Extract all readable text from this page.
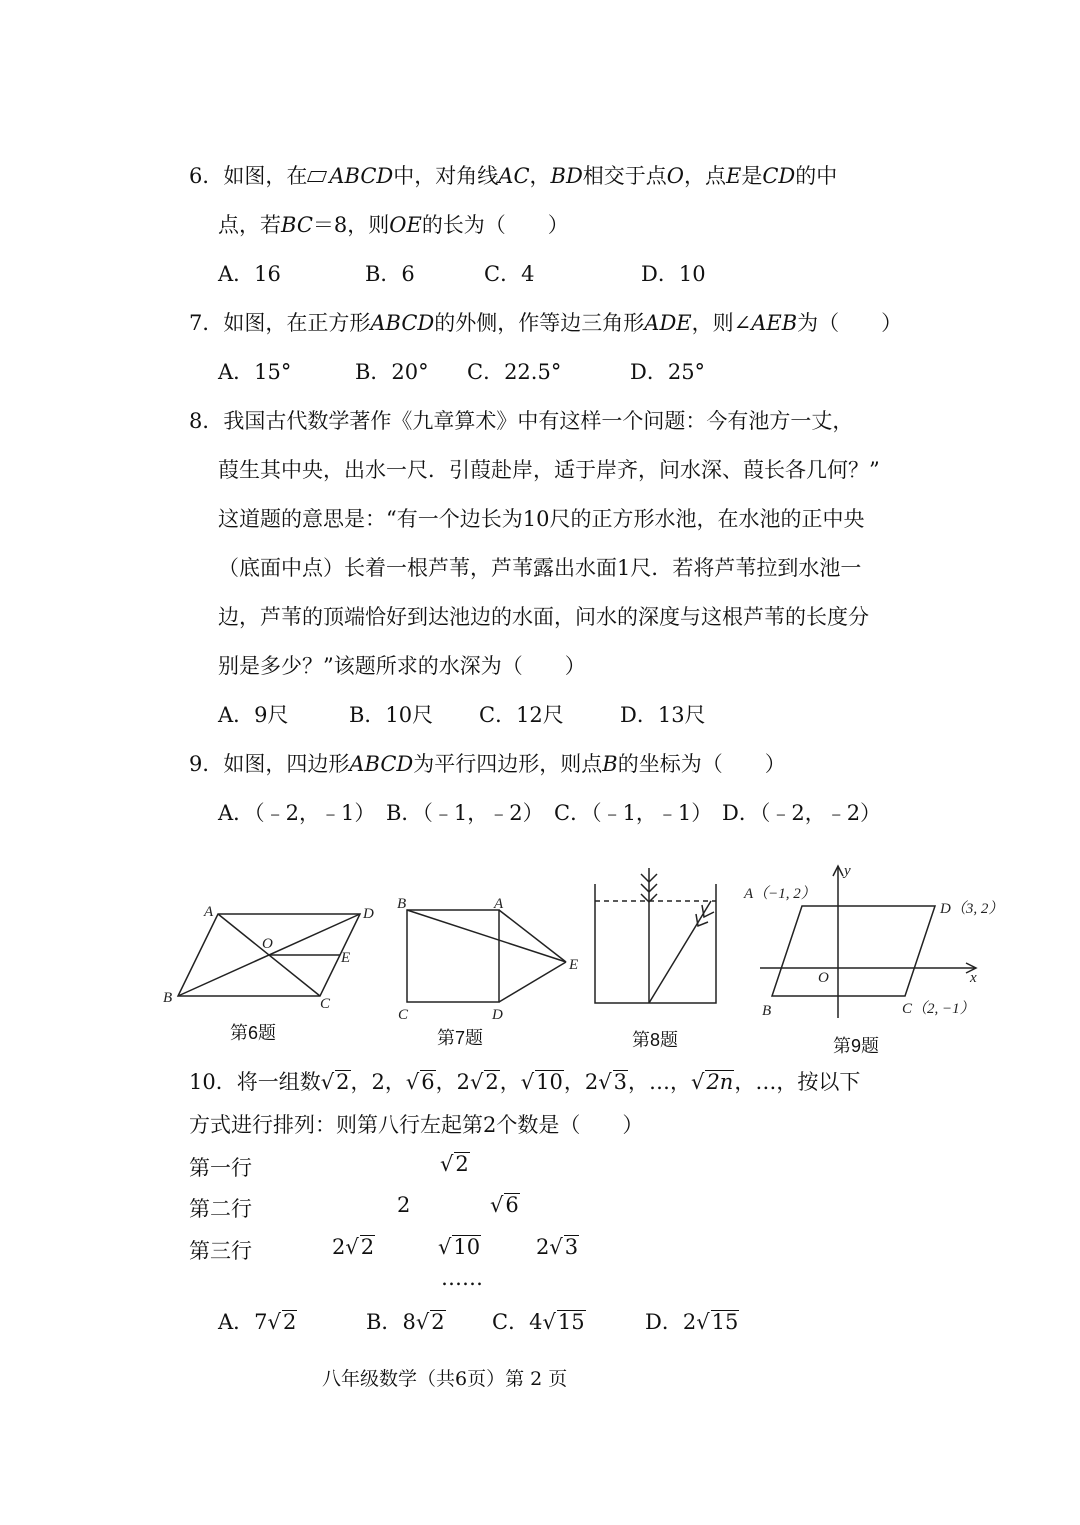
6．如图，在 ABCD中，对角线AC，BD相交于点O，点E是CD的中
点，若BC＝8，则OE的长为（　　）
A．16	B．6	C．4	D．10
7．如图，在正方形ABCD的外侧，作等边三角形ADE，则∠AEB为（　　）
A．15°	B．20° C．22.5°	D．25°
8．我国古代数学著作《九章算术》中有这样一个问题：今有池方一丈，
葭生其中央，出水一尺．引葭赴岸，适于岸齐，问水深、葭长各几何？”
这道题的意思是：“有一个边长为10尺的正方形水池，在水池的正中央
（底面中点）长着一根芦苇，芦苇露出水面1尺．若将芦苇拉到水池一
边，芦苇的顶端恰好到达池边的水面，问水的深度与这根芦苇的长度分
别是多少？”该题所求的水深为（　　）
A．9尺	B．10尺 C．12尺	D．13尺
9．如图，四边形ABCD为平行四边形，则点B的坐标为（　　）
A．（﹣2，﹣1） B．（﹣1，﹣2） C．（﹣1，﹣1） D．（﹣2，﹣2）
A	D
O
E
B	C
第6题
B	A
E
C	D
第7题	第8题
A（−1, 2）
D（3, 2）
O	x
y
B	C（2, −1）
第9题
10．将一组数 √ 2，2， √ 6，2 √ 2， √ 10，2 √ 3，…， √ 2n，…，按以下
方式进行排列：则第八行左起第2个数是（　　）
第一行 √	2
第二行	2 √	6
第三行	2 √ 2 √	10	2 √ 3
……
A．7 √ 2	B．8 √ 2 C．4 √ 15	D．2 √ 15
八年级数学（共6页）第 2 页
